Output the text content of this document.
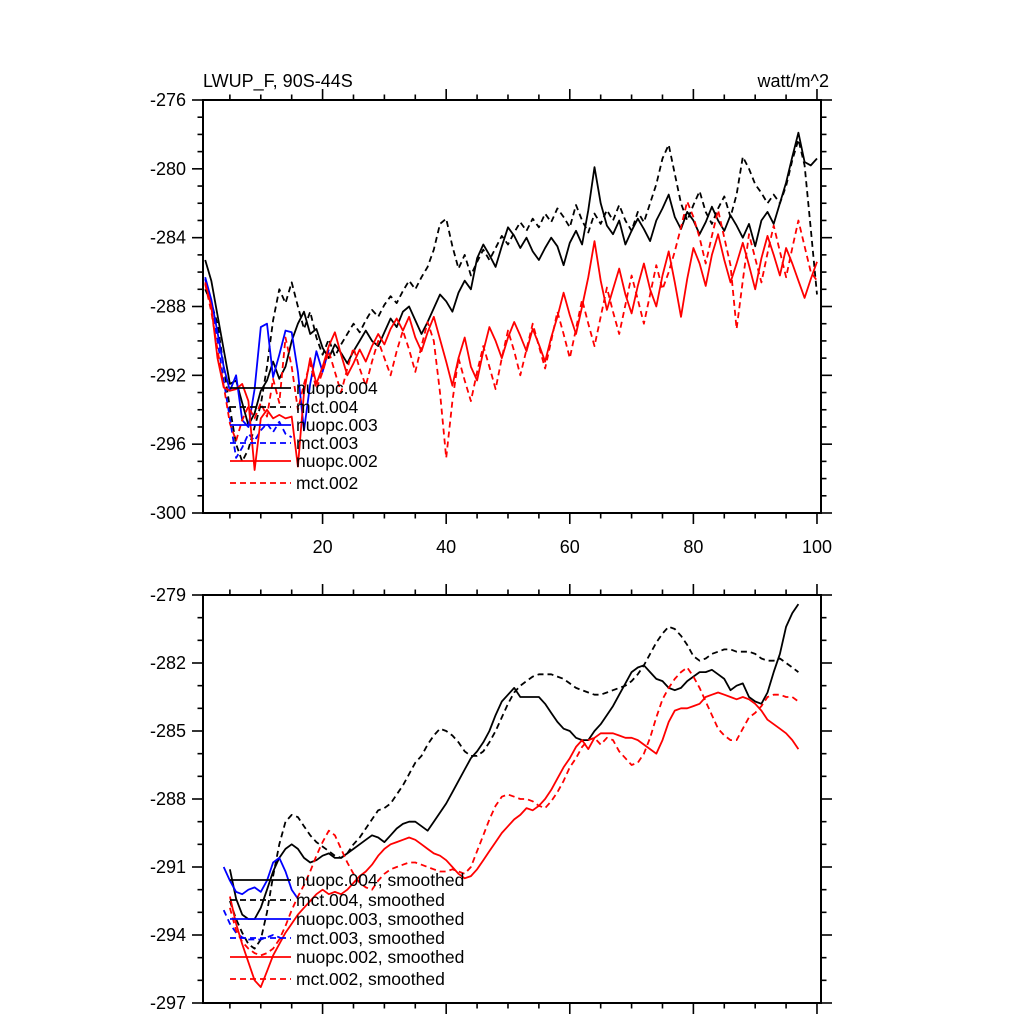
-276
-280
-284
-288
-292
-296
-300
20	40	60	80	100
LWUP_F, 90S-44S	watt/m^2
nuopc.004
mct.004
nuopc.003
mct.003
nuopc.002
mct.002
-279
-282
-285
-288
-291
-294
-297
nuopc.004, smoothed
mct.004, smoothed
nuopc.003, smoothed
mct.003, smoothed
nuopc.002, smoothed
mct.002, smoothed
